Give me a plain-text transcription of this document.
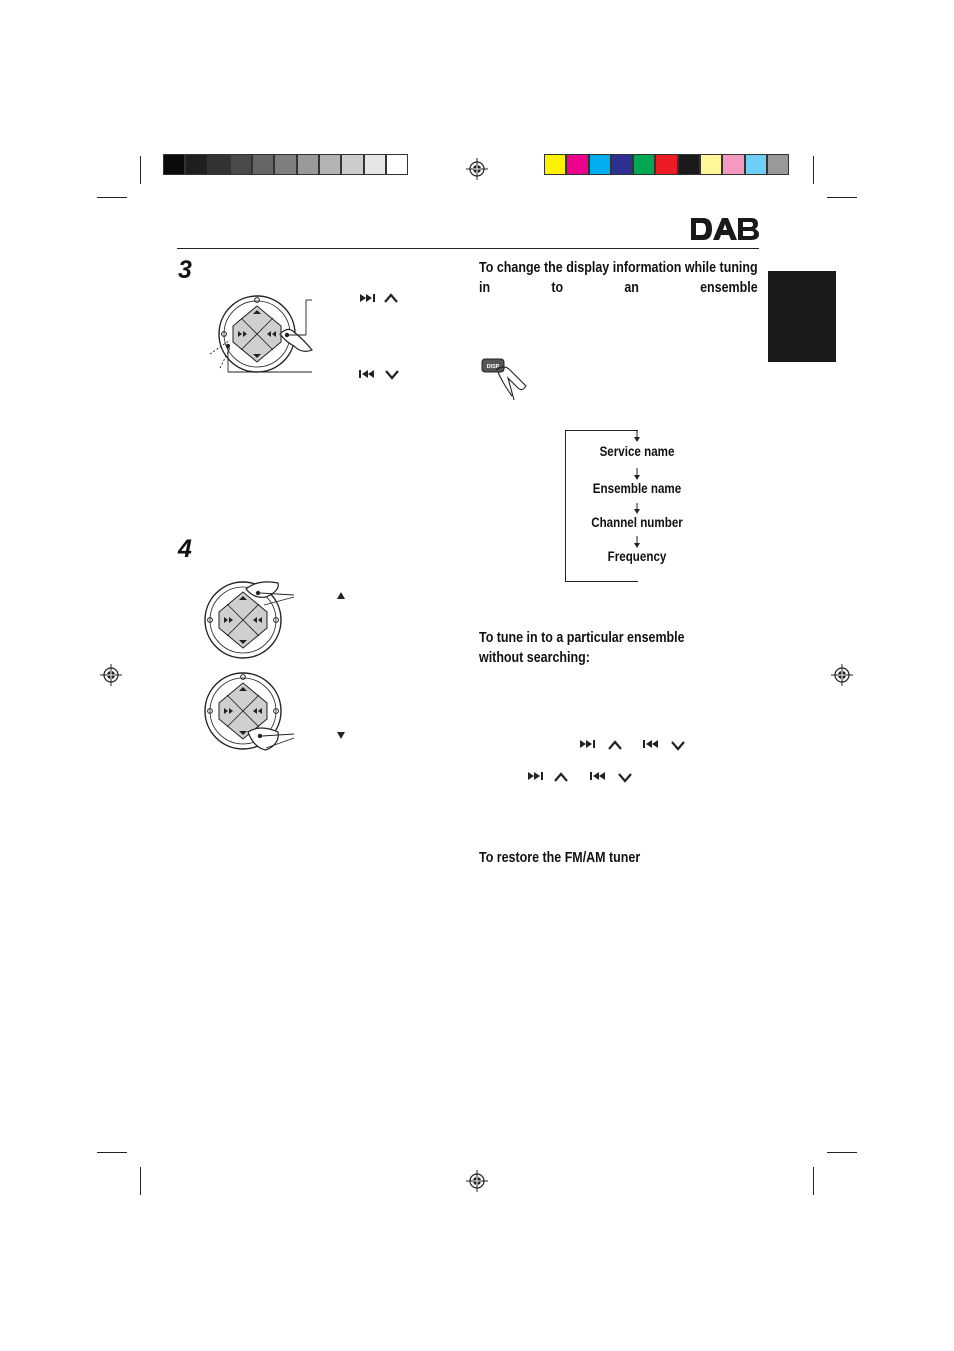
DAB
3
4
To change the display information while tuning in to an ensemble
DISP
Service name
Ensemble name
Channel number
Frequency
To tune in to a particular ensemble without searching:
To restore the FM/AM tuner
